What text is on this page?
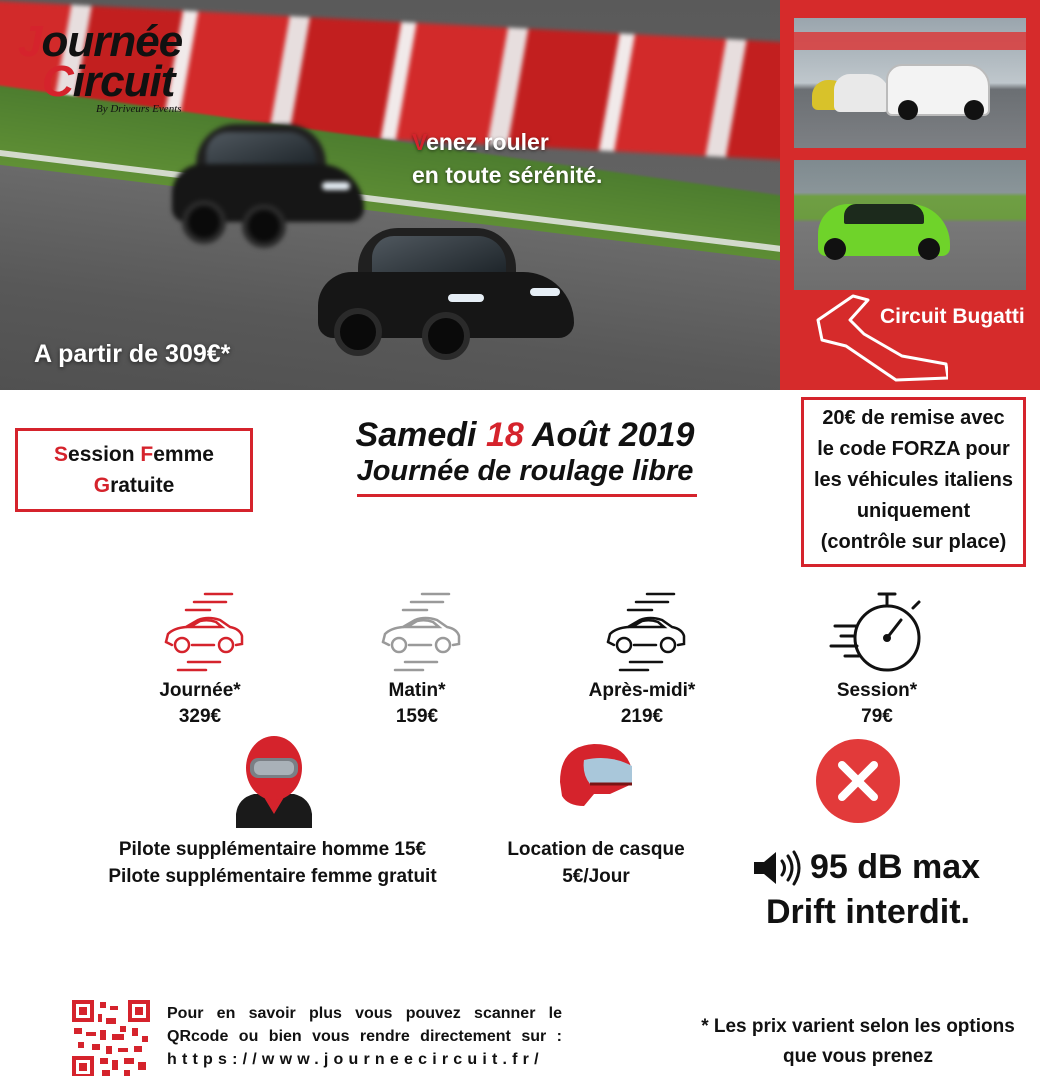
Journée
Circuit
By Driveurs Events
Venez rouler
en toute sérénité.
A partir de 309€*
Circuit Bugatti
Session Femme
Gratuite
Samedi 18 Août 2019
Journée de roulage libre
20€ de remise avec
le code FORZA pour
les véhicules italiens
uniquement
(contrôle sur place)
Journée*
329€
Matin*
159€
Après-midi*
219€
Session*
79€
Pilote supplémentaire homme 15€
Pilote supplémentaire femme gratuit
Location de casque
5€/Jour	95 dB max
Drift interdit.
Pour en savoir plus vous pouvez scanner le QRcode ou bien vous rendre directement sur :
https://www.journeecircuit.fr/
* Les prix varient selon les options
que vous prenez
